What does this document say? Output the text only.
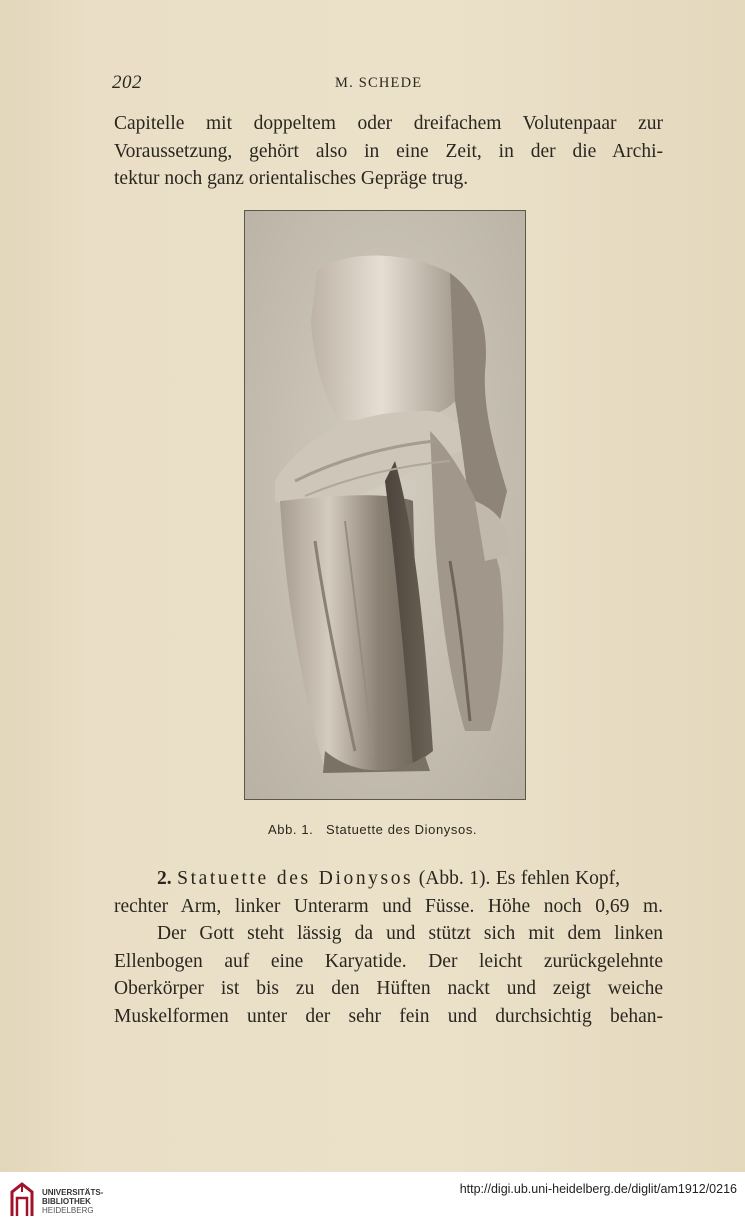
202	M. SCHEDE
Capitelle mit doppeltem oder dreifachem Volutenpaar zur
Voraussetzung, gehört also in eine Zeit, in der die Archi-
tektur noch ganz orientalisches Gepräge trug.
Abb. 1. Statuette des Dionysos.
2. Statuette des Dionysos (Abb. 1). Es fehlen Kopf,
rechter Arm, linker Unterarm und Füsse. Höhe noch 0,69 m.
Der Gott steht lässig da und stützt sich mit dem linken
Ellenbogen auf eine Karyatide. Der leicht zurückgelehnte
Oberkörper ist bis zu den Hüften nackt und zeigt weiche
Muskelformen unter der sehr fein und durchsichtig behan-
UNIVERSITÄTS-
BIBLIOTHEK
HEIDELBERG
http://digi.ub.uni-heidelberg.de/diglit/am1912/0216
